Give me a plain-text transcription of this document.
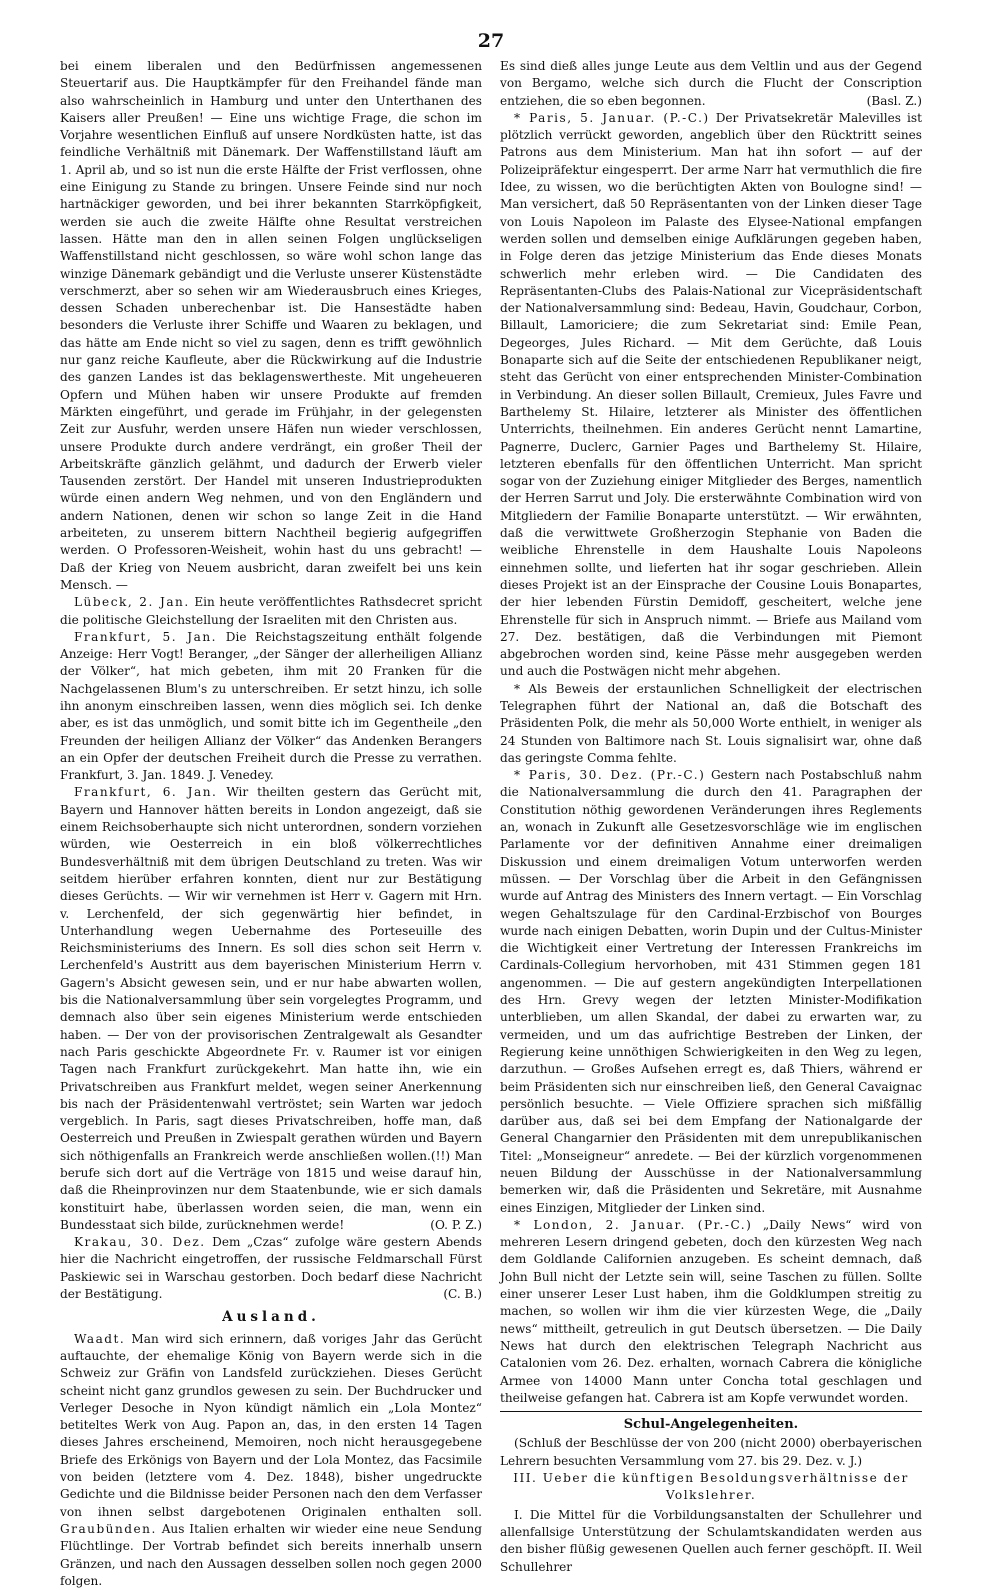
27

bei einem liberalen und den Bedürfnissen angemessenen Steuertarif aus. Die Hauptkämpfer für den Freihandel fände man also wahrscheinlich in Hamburg und unter den Unterthanen des Kaisers aller Preußen! — Eine uns wichtige Frage, die schon im Vorjahre wesentlichen Einfluß auf unsere Nordküsten hatte, ist das feindliche Verhältniß mit Dänemark. Der Waffenstillstand läuft am 1. April ab, und so ist nun die erste Hälfte der Frist verflossen, ohne eine Einigung zu Stande zu bringen. Unsere Feinde sind nur noch hartnäckiger geworden, und bei ihrer bekannten Starrköpfigkeit, werden sie auch die zweite Hälfte ohne Resultat verstreichen lassen. Hätte man den in allen seinen Folgen unglückseligen Waffenstillstand nicht geschlossen, so wäre wohl schon lange das winzige Dänemark gebändigt und die Verluste unserer Küstenstädte verschmerzt, aber so sehen wir am Wiederausbruch eines Krieges, dessen Schaden unberechenbar ist. Die Hansestädte haben besonders die Verluste ihrer Schiffe und Waaren zu beklagen, und das hätte am Ende nicht so viel zu sagen, denn es trifft gewöhnlich nur ganz reiche Kaufleute, aber die Rückwirkung auf die Industrie des ganzen Landes ist das beklagenswertheste. Mit ungeheueren Opfern und Mühen haben wir unsere Produkte auf fremden Märkten eingeführt, und gerade im Frühjahr, in der gelegensten Zeit zur Ausfuhr, werden unsere Häfen nun wieder verschlossen, unsere Produkte durch andere verdrängt, ein großer Theil der Arbeitskräfte gänzlich gelähmt, und dadurch der Erwerb vieler Tausenden zerstört. Der Handel mit unseren Industrieprodukten würde einen andern Weg nehmen, und von den Engländern und andern Nationen, denen wir schon so lange Zeit in die Hand arbeiteten, zu unserem bittern Nachtheil begierig aufgegriffen werden. O Professoren-Weisheit, wohin hast du uns gebracht! — Daß der Krieg von Neuem ausbricht, daran zweifelt bei uns kein Mensch. —

Lübeck, 2. Jan. Ein heute veröffentlichtes Rathsdecret spricht die politische Gleichstellung der Israeliten mit den Christen aus.

Frankfurt, 5. Jan. Die Reichstagszeitung enthält folgende Anzeige: Herr Vogt! Beranger, „der Sänger der allerheiligen Allianz der Völker“, hat mich gebeten, ihm mit 20 Franken für die Nachgelassenen Blum's zu unterschreiben. Er setzt hinzu, ich solle ihn anonym einschreiben lassen, wenn dies möglich sei. Ich denke aber, es ist das unmöglich, und somit bitte ich im Gegentheile „den Freunden der heiligen Allianz der Völker“ das Andenken Berangers an ein Opfer der deutschen Freiheit durch die Presse zu verrathen. Frankfurt, 3. Jan. 1849. J. Venedey.

Frankfurt, 6. Jan. Wir theilten gestern das Gerücht mit, Bayern und Hannover hätten bereits in London angezeigt, daß sie einem Reichsoberhaupte sich nicht unterordnen, sondern vorziehen würden, wie Oesterreich in ein bloß völkerrechtliches Bundesverhältniß mit dem übrigen Deutschland zu treten. Was wir seitdem hierüber erfahren konnten, dient nur zur Bestätigung dieses Gerüchts. — Wir wir vernehmen ist Herr v. Gagern mit Hrn. v. Lerchenfeld, der sich gegenwärtig hier befindet, in Unterhandlung wegen Uebernahme des Porteseuille des Reichsministeriums des Innern. Es soll dies schon seit Herrn v. Lerchenfeld's Austritt aus dem bayerischen Ministerium Herrn v. Gagern's Absicht gewesen sein, und er nur habe abwarten wollen, bis die Nationalversammlung über sein vorgelegtes Programm, und demnach also über sein eigenes Ministerium werde entschieden haben. — Der von der provisorischen Zentralgewalt als Gesandter nach Paris geschickte Abgeordnete Fr. v. Raumer ist vor einigen Tagen nach Frankfurt zurückgekehrt. Man hatte ihn, wie ein Privatschreiben aus Frankfurt meldet, wegen seiner Anerkennung bis nach der Präsidentenwahl vertröstet; sein Warten war jedoch vergeblich. In Paris, sagt dieses Privatschreiben, hoffe man, daß Oesterreich und Preußen in Zwiespalt gerathen würden und Bayern sich nöthigenfalls an Frankreich werde anschließen wollen.(!!) Man berufe sich dort auf die Verträge von 1815 und weise darauf hin, daß die Rheinprovinzen nur dem Staatenbunde, wie er sich damals konstituirt habe, überlassen worden seien, die man, wenn ein Bundesstaat sich bilde, zurücknehmen werde!	(O. P. Z.)

Krakau, 30. Dez. Dem „Czas“ zufolge wäre gestern Abends hier die Nachricht eingetroffen, der russische Feldmarschall Fürst Paskiewic sei in Warschau gestorben. Doch bedarf diese Nachricht der Bestätigung.	(C. B.)

Ausland.

Waadt. Man wird sich erinnern, daß voriges Jahr das Gerücht auftauchte, der ehemalige König von Bayern werde sich in die Schweiz zur Gräfin von Landsfeld zurückziehen. Dieses Gerücht scheint nicht ganz grundlos gewesen zu sein. Der Buchdrucker und Verleger Desoche in Nyon kündigt nämlich ein „Lola Montez“ betiteltes Werk von Aug. Papon an, das, in den ersten 14 Tagen dieses Jahres erscheinend, Memoiren, noch nicht herausgegebene Briefe des Erkönigs von Bayern und der Lola Montez, das Facsimile von beiden (letztere vom 4. Dez. 1848), bisher ungedruckte Gedichte und die Bildnisse beider Personen nach den dem Verfasser von ihnen selbst dargebotenen Originalen enthalten soll. Graubünden. Aus Italien erhalten wir wieder eine neue Sendung Flüchtlinge. Der Vortrab befindet sich bereits innerhalb unsern Gränzen, und nach den Aussagen desselben sollen noch gegen 2000 folgen.

Es sind dieß alles junge Leute aus dem Veltlin und aus der Gegend von Bergamo, welche sich durch die Flucht der Conscription entziehen, die so eben begonnen.	(Basl. Z.)

* Paris, 5. Januar. (P.-C.) Der Privatsekretär Malevilles ist plötzlich verrückt geworden, angeblich über den Rücktritt seines Patrons aus dem Ministerium. Man hat ihn sofort — auf der Polizeipräfektur eingesperrt. Der arme Narr hat vermuthlich die fire Idee, zu wissen, wo die berüchtigten Akten von Boulogne sind! — Man versichert, daß 50 Repräsentanten von der Linken dieser Tage von Louis Napoleon im Palaste des Elysee-National empfangen werden sollen und demselben einige Aufklärungen gegeben haben, in Folge deren das jetzige Ministerium das Ende dieses Monats schwerlich mehr erleben wird. — Die Candidaten des Repräsentanten-Clubs des Palais-National zur Vicepräsidentschaft der Nationalversammlung sind: Bedeau, Havin, Goudchaur, Corbon, Billault, Lamoriciere; die zum Sekretariat sind: Emile Pean, Degeorges, Jules Richard. — Mit dem Gerüchte, daß Louis Bonaparte sich auf die Seite der entschiedenen Republikaner neigt, steht das Gerücht von einer entsprechenden Minister-Combination in Verbindung. An dieser sollen Billault, Cremieux, Jules Favre und Barthelemy St. Hilaire, letzterer als Minister des öffentlichen Unterrichts, theilnehmen. Ein anderes Gerücht nennt Lamartine, Pagnerre, Duclerc, Garnier Pages und Barthelemy St. Hilaire, letzteren ebenfalls für den öffentlichen Unterricht. Man spricht sogar von der Zuziehung einiger Mitglieder des Berges, namentlich der Herren Sarrut und Joly. Die ersterwähnte Combination wird von Mitgliedern der Familie Bonaparte unterstützt. — Wir erwähnten, daß die verwittwete Großherzogin Stephanie von Baden die weibliche Ehrenstelle in dem Haushalte Louis Napoleons einnehmen sollte, und lieferten hat ihr sogar geschrieben. Allein dieses Projekt ist an der Einsprache der Cousine Louis Bonapartes, der hier lebenden Fürstin Demidoff, gescheitert, welche jene Ehrenstelle für sich in Anspruch nimmt. — Briefe aus Mailand vom 27. Dez. bestätigen, daß die Verbindungen mit Piemont abgebrochen worden sind, keine Pässe mehr ausgegeben werden und auch die Postwägen nicht mehr abgehen.

* Als Beweis der erstaunlichen Schnelligkeit der electrischen Telegraphen führt der National an, daß die Botschaft des Präsidenten Polk, die mehr als 50,000 Worte enthielt, in weniger als 24 Stunden von Baltimore nach St. Louis signalisirt war, ohne daß das geringste Comma fehlte.

* Paris, 30. Dez. (Pr.-C.) Gestern nach Postabschluß nahm die Nationalversammlung die durch den 41. Paragraphen der Constitution nöthig gewordenen Veränderungen ihres Reglements an, wonach in Zukunft alle Gesetzesvorschläge wie im englischen Parlamente vor der definitiven Annahme einer dreimaligen Diskussion und einem dreimaligen Votum unterworfen werden müssen. — Der Vorschlag über die Arbeit in den Gefängnissen wurde auf Antrag des Ministers des Innern vertagt. — Ein Vorschlag wegen Gehaltszulage für den Cardinal-Erzbischof von Bourges wurde nach einigen Debatten, worin Dupin und der Cultus-Minister die Wichtigkeit einer Vertretung der Interessen Frankreichs im Cardinals-Collegium hervorhoben, mit 431 Stimmen gegen 181 angenommen. — Die auf gestern angekündigten Interpellationen des Hrn. Grevy wegen der letzten Minister-Modifikation unterblieben, um allen Skandal, der dabei zu erwarten war, zu vermeiden, und um das aufrichtige Bestreben der Linken, der Regierung keine unnöthigen Schwierigkeiten in den Weg zu legen, darzuthun. — Großes Aufsehen erregt es, daß Thiers, während er beim Präsidenten sich nur einschreiben ließ, den General Cavaignac persönlich besuchte. — Viele Offiziere sprachen sich mißfällig darüber aus, daß sei bei dem Empfang der Nationalgarde der General Changarnier den Präsidenten mit dem unrepublikanischen Titel: „Monseigneur“ anredete. — Bei der kürzlich vorgenommenen neuen Bildung der Ausschüsse in der Nationalversammlung bemerken wir, daß die Präsidenten und Sekretäre, mit Ausnahme eines Einzigen, Mitglieder der Linken sind.

* London, 2. Januar. (Pr.-C.) „Daily News“ wird von mehreren Lesern dringend gebeten, doch den kürzesten Weg nach dem Goldlande Californien anzugeben. Es scheint demnach, daß John Bull nicht der Letzte sein will, seine Taschen zu füllen. Sollte einer unserer Leser Lust haben, ihm die Goldklumpen streitig zu machen, so wollen wir ihm die vier kürzesten Wege, die „Daily news“ mittheilt, getreulich in gut Deutsch übersetzen. — Die Daily News hat durch den elektrischen Telegraph Nachricht aus Catalonien vom 26. Dez. erhalten, wornach Cabrera die königliche Armee von 14000 Mann unter Concha total geschlagen und theilweise gefangen hat. Cabrera ist am Kopfe verwundet worden.

Schul-Angelegenheiten.

(Schluß der Beschlüsse der von 200 (nicht 2000) oberbayerischen Lehrern besuchten Versammlung vom 27. bis 29. Dez. v. J.)

III. Ueber die künftigen Besoldungsverhältnisse der Volkslehrer.

I. Die Mittel für die Vorbildungsanstalten der Schullehrer und allenfallsige Unterstützung der Schulamtskandidaten werden aus den bisher flüßig gewesenen Quellen auch ferner geschöpft. II. Weil Schullehrer
